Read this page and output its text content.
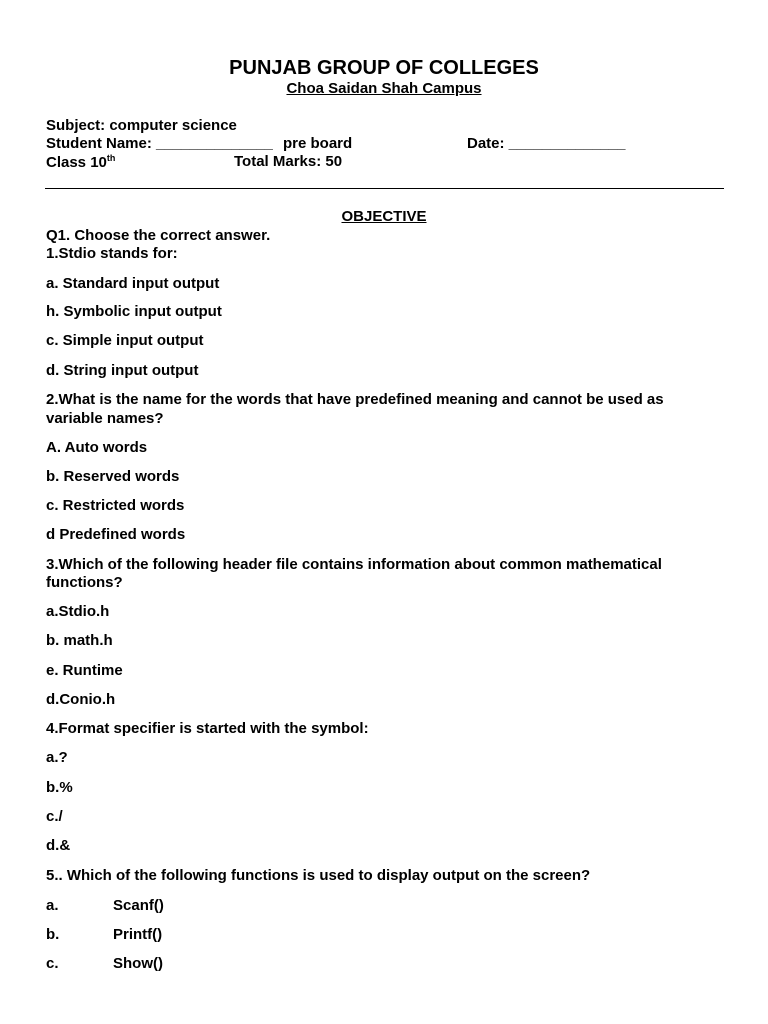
PUNJAB GROUP OF COLLEGES
Choa Saidan Shah Campus
Subject: computer science
Student Name: ______________ pre board	Date: ______________
Class 10th	Total Marks: 50
OBJECTIVE
Q1. Choose the correct answer.
1.Stdio stands for:
a. Standard input output
h. Symbolic input output
c. Simple input output
d. String input output
2.What is the name for the words that have predefined meaning and cannot be used as
variable names?
A. Auto words
b. Reserved words
c. Restricted words
d Predefined words
3.Which of the following header file contains information about common mathematical
functions?
a.Stdio.h
b. math.h
e. Runtime
d.Conio.h
4.Format specifier is started with the symbol:
a.?
b.%
c./
d.&
5.. Which of the following functions is used to display output on the screen?
a.	Scanf()
b.	Printf()
c.	Show()
